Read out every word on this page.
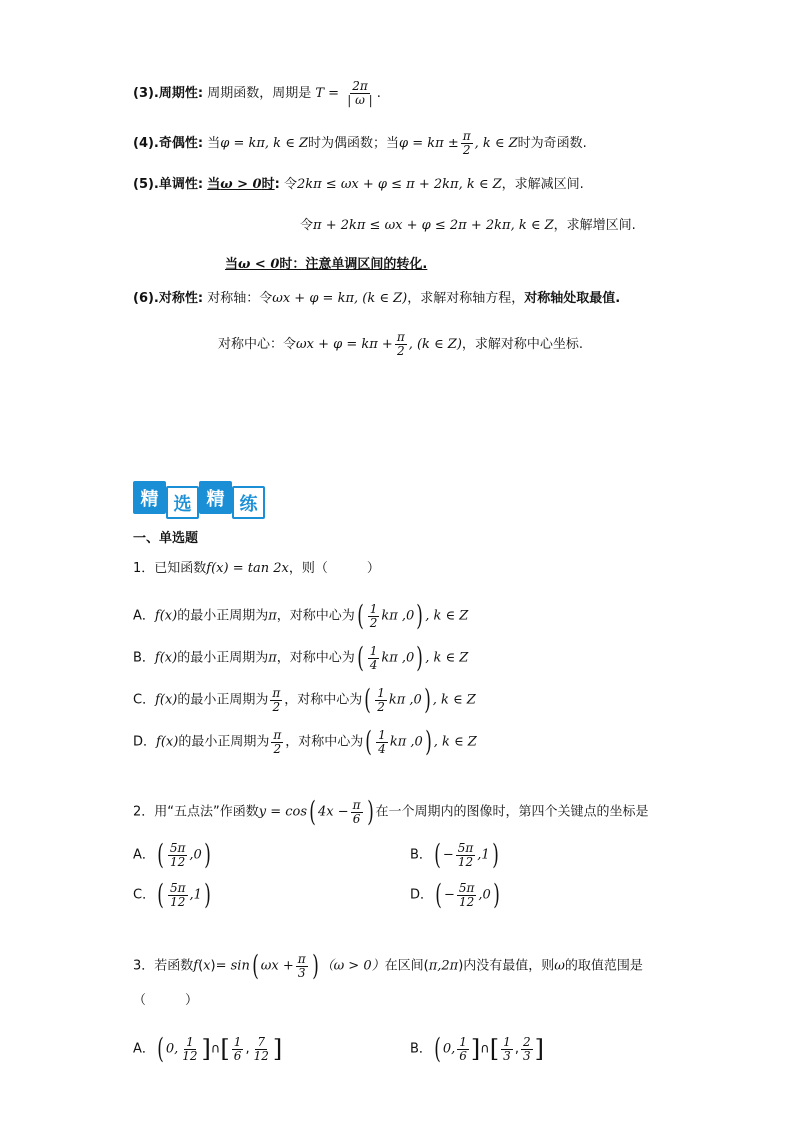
(3).周期性: 周期函数，周期是 $T = \frac{2\pi}{| \omega |}$ .
(4).奇偶性: 当φ = kπ, k ∈ Z时为偶函数；当$\varphi = k\pi \pm \frac{\pi}{2}$ , k ∈ Z时为奇函数.
(5).单调性: 当ω > 0时: 令2kπ ≤ ωx + φ ≤ π + 2kπ, k ∈ Z，求解减区间.
令π + 2kπ ≤ ωx + φ ≤ 2π + 2kπ, k ∈ Z，求解增区间.
当ω < 0时：注意单调区间的转化.
(6).对称性: 对称轴：令ωx + φ = kπ, (k ∈ Z)，求解对称轴方程，对称轴处取最值.
对称中心：令$\omega x + \varphi = k\pi + \frac{\pi}{2}$ , (k ∈ Z)，求解对称中心坐标.
精 选 精 练
一、单选题
1．已知函数f(x) = tan 2x，则（　　　）
A．f(x)的最小正周期为π，对称中心为( $\frac{1}{2}$ kπ ,0) , k ∈ Z
B．f(x)的最小正周期为π，对称中心为( $\frac{1}{4}$ kπ ,0) , k ∈ Z
C．f(x)的最小正周期为 $\frac{\pi}{2}$ ，对称中心为( $\frac{1}{2}$ kπ ,0) , k ∈ Z
D．f(x)的最小正周期为 $\frac{\pi}{2}$ ，对称中心为( $\frac{1}{4}$ kπ ,0) , k ∈ Z
2．用“五点法”作函数y = cos( $4x - \frac{\pi}{6}$ ) 在一个周期内的图像时，第四个关键点的坐标是
A．( $\frac{5\pi}{12} ,0$)	B．( − $\frac{5\pi}{12} ,1$)
C．( $\frac{5\pi}{12} ,1$)	D．( − $\frac{5\pi}{12} ,0$)
3．若函数f(x)= sin( $\omega x + \frac{\pi}{3}$ ) （ω > 0）在区间(π,2π)内没有最值，则ω的取值范围是
（　　　）
A．( 0, $\frac{1}{12}$ ]∩[ $\frac{1}{6}$ , $\frac{7}{12}$ ]	B．( 0, $\frac{1}{6}$ ]∩[ $\frac{1}{3}$ , $\frac{2}{3}$ ]
